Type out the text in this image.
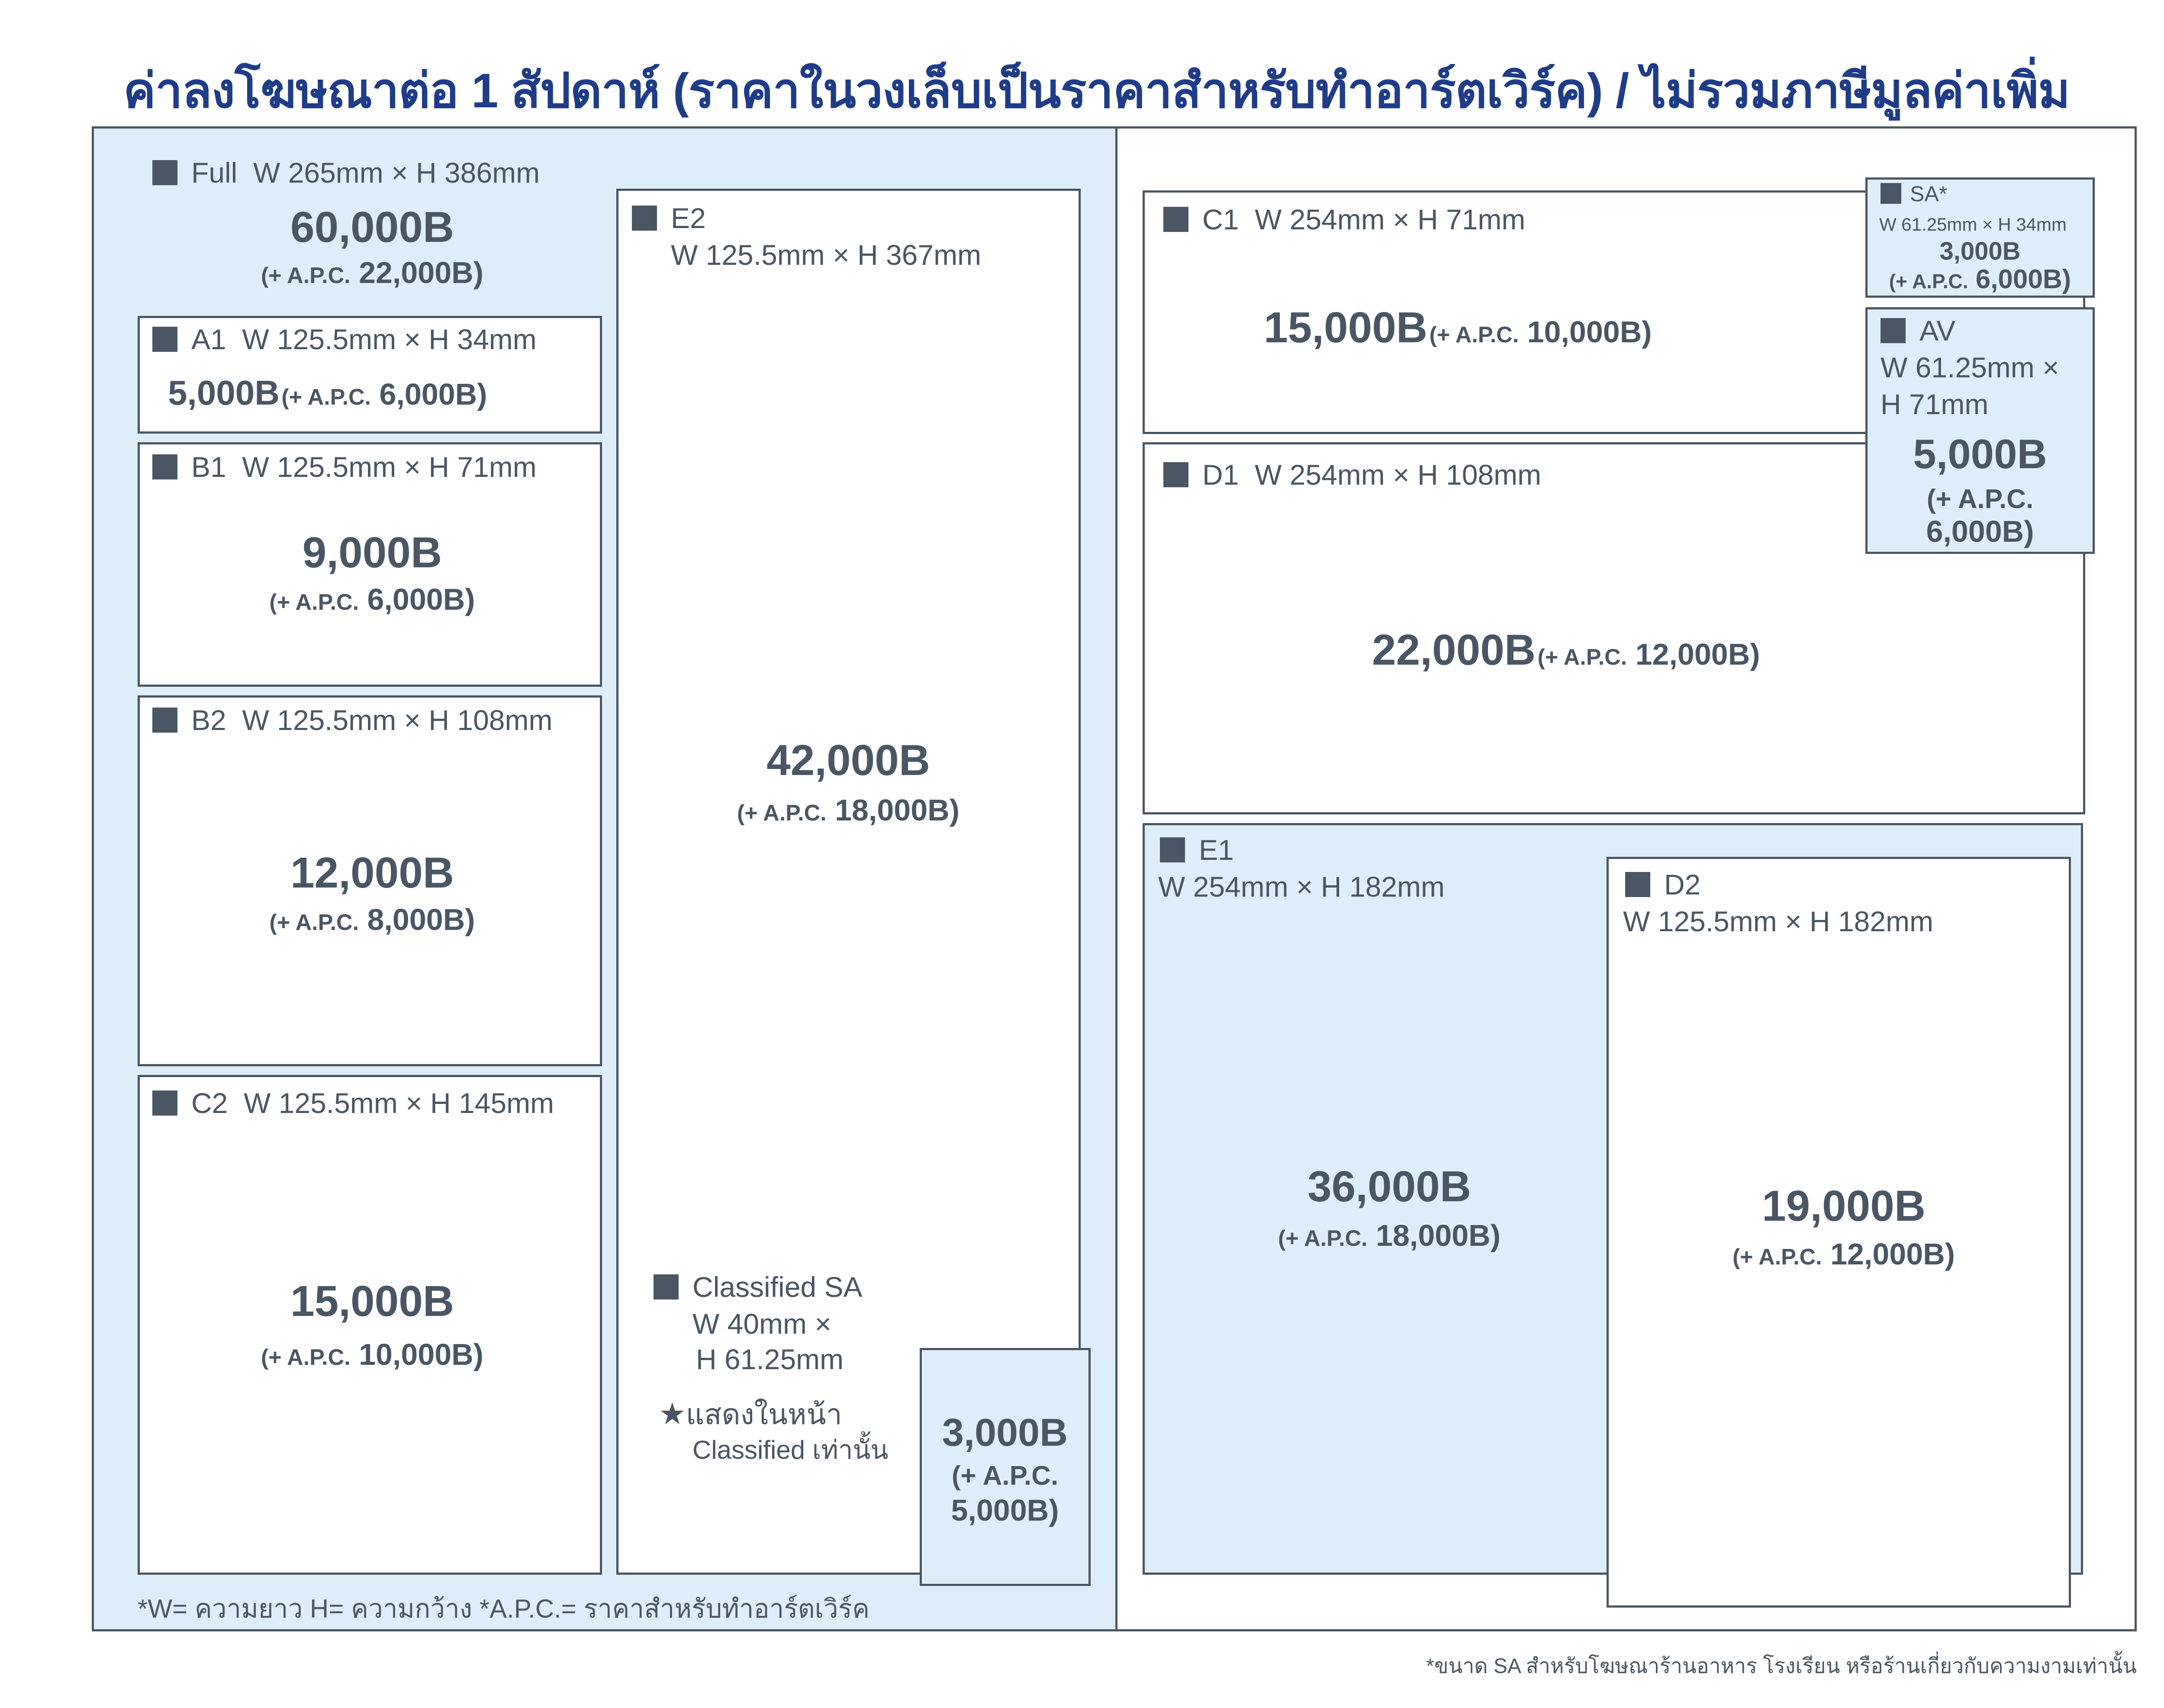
ค่าลงโฆษณาต่อ 1 สัปดาห์ (ราคาในวงเล็บเป็นราคาสำหรับทำอาร์ตเวิร์ค) / ไม่รวมภาษีมูลค่าเพิ่ม
Full W 265mm × H 386mm
60,000B
(+ A.P.C. 22,000B)
A1 W 125.5mm × H 34mm
5,000B (+ A.P.C. 6,000B)
B1 W 125.5mm × H 71mm
9,000B
(+ A.P.C. 6,000B)
B2 W 125.5mm × H 108mm
12,000B
(+ A.P.C. 8,000B)
C2 W 125.5mm × H 145mm
15,000B
(+ A.P.C. 10,000B)
E2
W 125.5mm × H 367mm
42,000B
(+ A.P.C. 18,000B)
Classified SA
W 40mm ×
H 61.25mm
★แสดงในหน้า
Classified เท่านั้น 3,000B
(+ A.P.C.
5,000B)
*W= ความยาว H= ความกว้าง *A.P.C.= ราคาสำหรับทำอาร์ตเวิร์ค
C1 W 254mm × H 71mm
15,000B (+ A.P.C. 10,000B)
D1 W 254mm × H 108mm
22,000B (+ A.P.C. 12,000B)
SA*
W 61.25mm × H 34mm
3,000B
(+ A.P.C. 6,000B)
AV
W 61.25mm ×
H 71mm
5,000B
(+ A.P.C.
6,000B)
E1
W 254mm × H 182mm
36,000B
(+ A.P.C. 18,000B)
D2
W 125.5mm × H 182mm
19,000B
(+ A.P.C. 12,000B)
*ขนาด SA สำหรับโฆษณาร้านอาหาร โรงเรียน หรือร้านเกี่ยวกับความงามเท่านั้น
